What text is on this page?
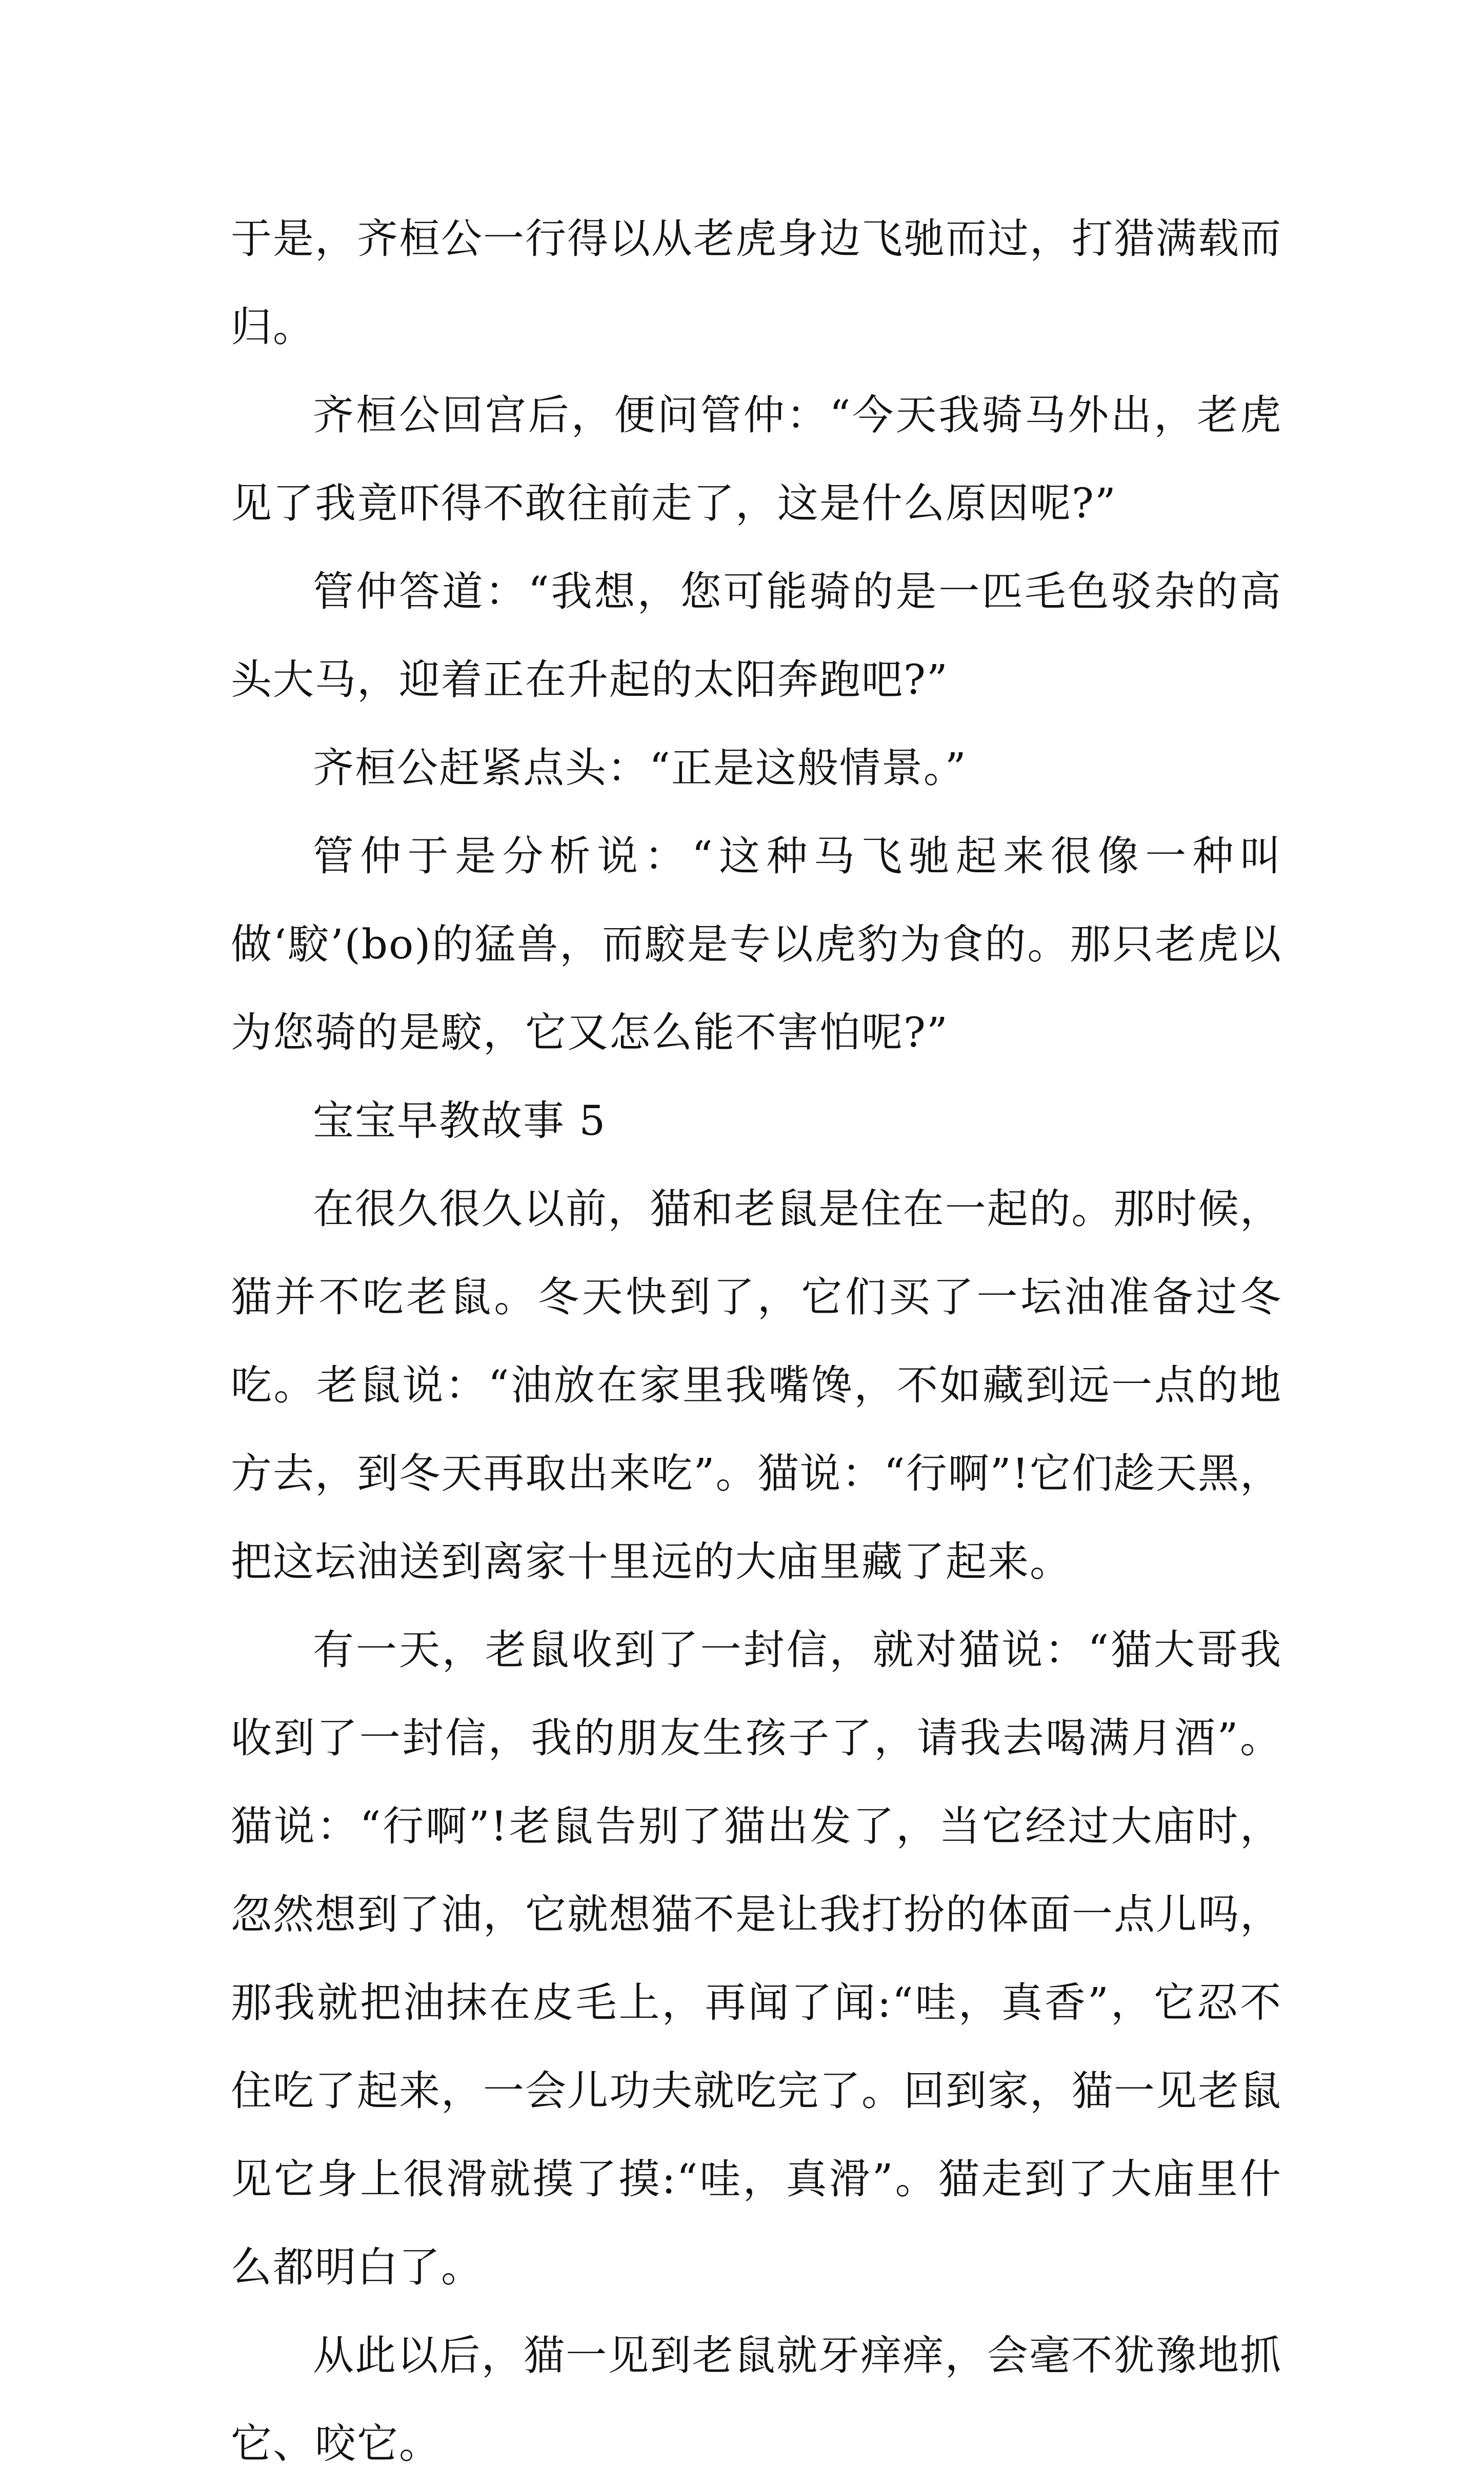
于是，齐桓公一行得以从老虎身边飞驰而过，打猎满载而归。

齐桓公回宫后，便问管仲：“今天我骑马外出，老虎见了我竟吓得不敢往前走了，这是什么原因呢?”

管仲答道：“我想，您可能骑的是一匹毛色驳杂的高头大马，迎着正在升起的太阳奔跑吧?”

齐桓公赶紧点头：“正是这般情景。”

管仲于是分析说：“这种马飞驰起来很像一种叫做‘駮’(bo)的猛兽，而駮是专以虎豹为食的。那只老虎以为您骑的是駮，它又怎么能不害怕呢?”

宝宝早教故事 5

在很久很久以前，猫和老鼠是住在一起的。那时候，猫并不吃老鼠。冬天快到了，它们买了一坛油准备过冬吃。老鼠说：“油放在家里我嘴馋，不如藏到远一点的地方去，到冬天再取出来吃”。猫说：“行啊”!它们趁天黑，把这坛油送到离家十里远的大庙里藏了起来。

有一天，老鼠收到了一封信，就对猫说：“猫大哥我收到了一封信，我的朋友生孩子了，请我去喝满月酒”。猫说：“行啊”!老鼠告别了猫出发了，当它经过大庙时，忽然想到了油，它就想猫不是让我打扮的体面一点儿吗，那我就把油抹在皮毛上，再闻了闻:“哇，真香”，它忍不住吃了起来，一会儿功夫就吃完了。回到家，猫一见老鼠见它身上很滑就摸了摸:“哇，真滑”。猫走到了大庙里什么都明白了。

从此以后，猫一见到老鼠就牙痒痒，会毫不犹豫地抓它、咬它。
